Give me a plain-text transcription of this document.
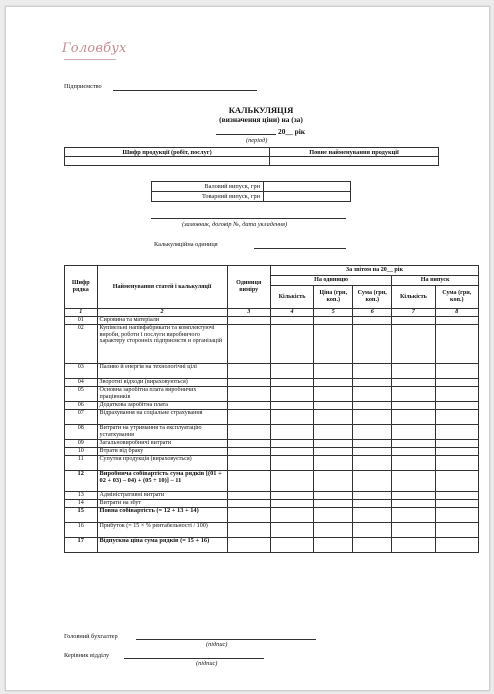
Головбух
Підприємство
КАЛЬКУЛЯЦІЯ
(визначення ціни) на (за)
20__ рік
(період)
Шифр продукції (робіт, послуг)	Повне найменування продукції

Валовий випуск, грн	
Товарний випуск, грн	
(замовник, договір №, дата укладення)
Калькуляційна одиниця
Шифр рядка	Найменування статей і калькуляції	Одиниця виміру	За звітом на 20__ рік				
			На одиницю			На випуск	
			Кількість	Ціна (грн, коп.)	Сума (грн, коп.)	Кількість	Сума (грн, коп.)
1	2	3	4	5	6	7	8
01	Сировина та матеріали						
02	Купівельні напівфабрикати та комплектуючі вироби, роботи і послуги виробничого характеру сторонніх підприємств и організацій						
03	Паливо й енергія на технологічні цілі						
04	Зворотні відходи (вираховуються)						
05	Основна заробітна плата виробничих працівників						
06	Додаткова заробітна плата						
07	Відрахування на соціальне страхування						
08	Витрати на утримання та експлуатацію устаткування						
09	Загальновиробничі витрати						
10	Втрати від браку						
11	Супутня продукція (вираховується)						
12	Виробнича собівартість сума рядків [(01 + 02 + 03) – 04) + (05 ÷ 10)] – 11						
13	Адміністративні витрати						
14	Витрати на збут						
15	Повна собівартість (= 12 + 13 + 14)						
16	Прибуток (= 15 × % рентабельності / 100)						
17	Відпускна ціна сума рядків (= 15 + 16)						
Головний бухгалтер
(підпис)
Керівник відділу
(підпис)
